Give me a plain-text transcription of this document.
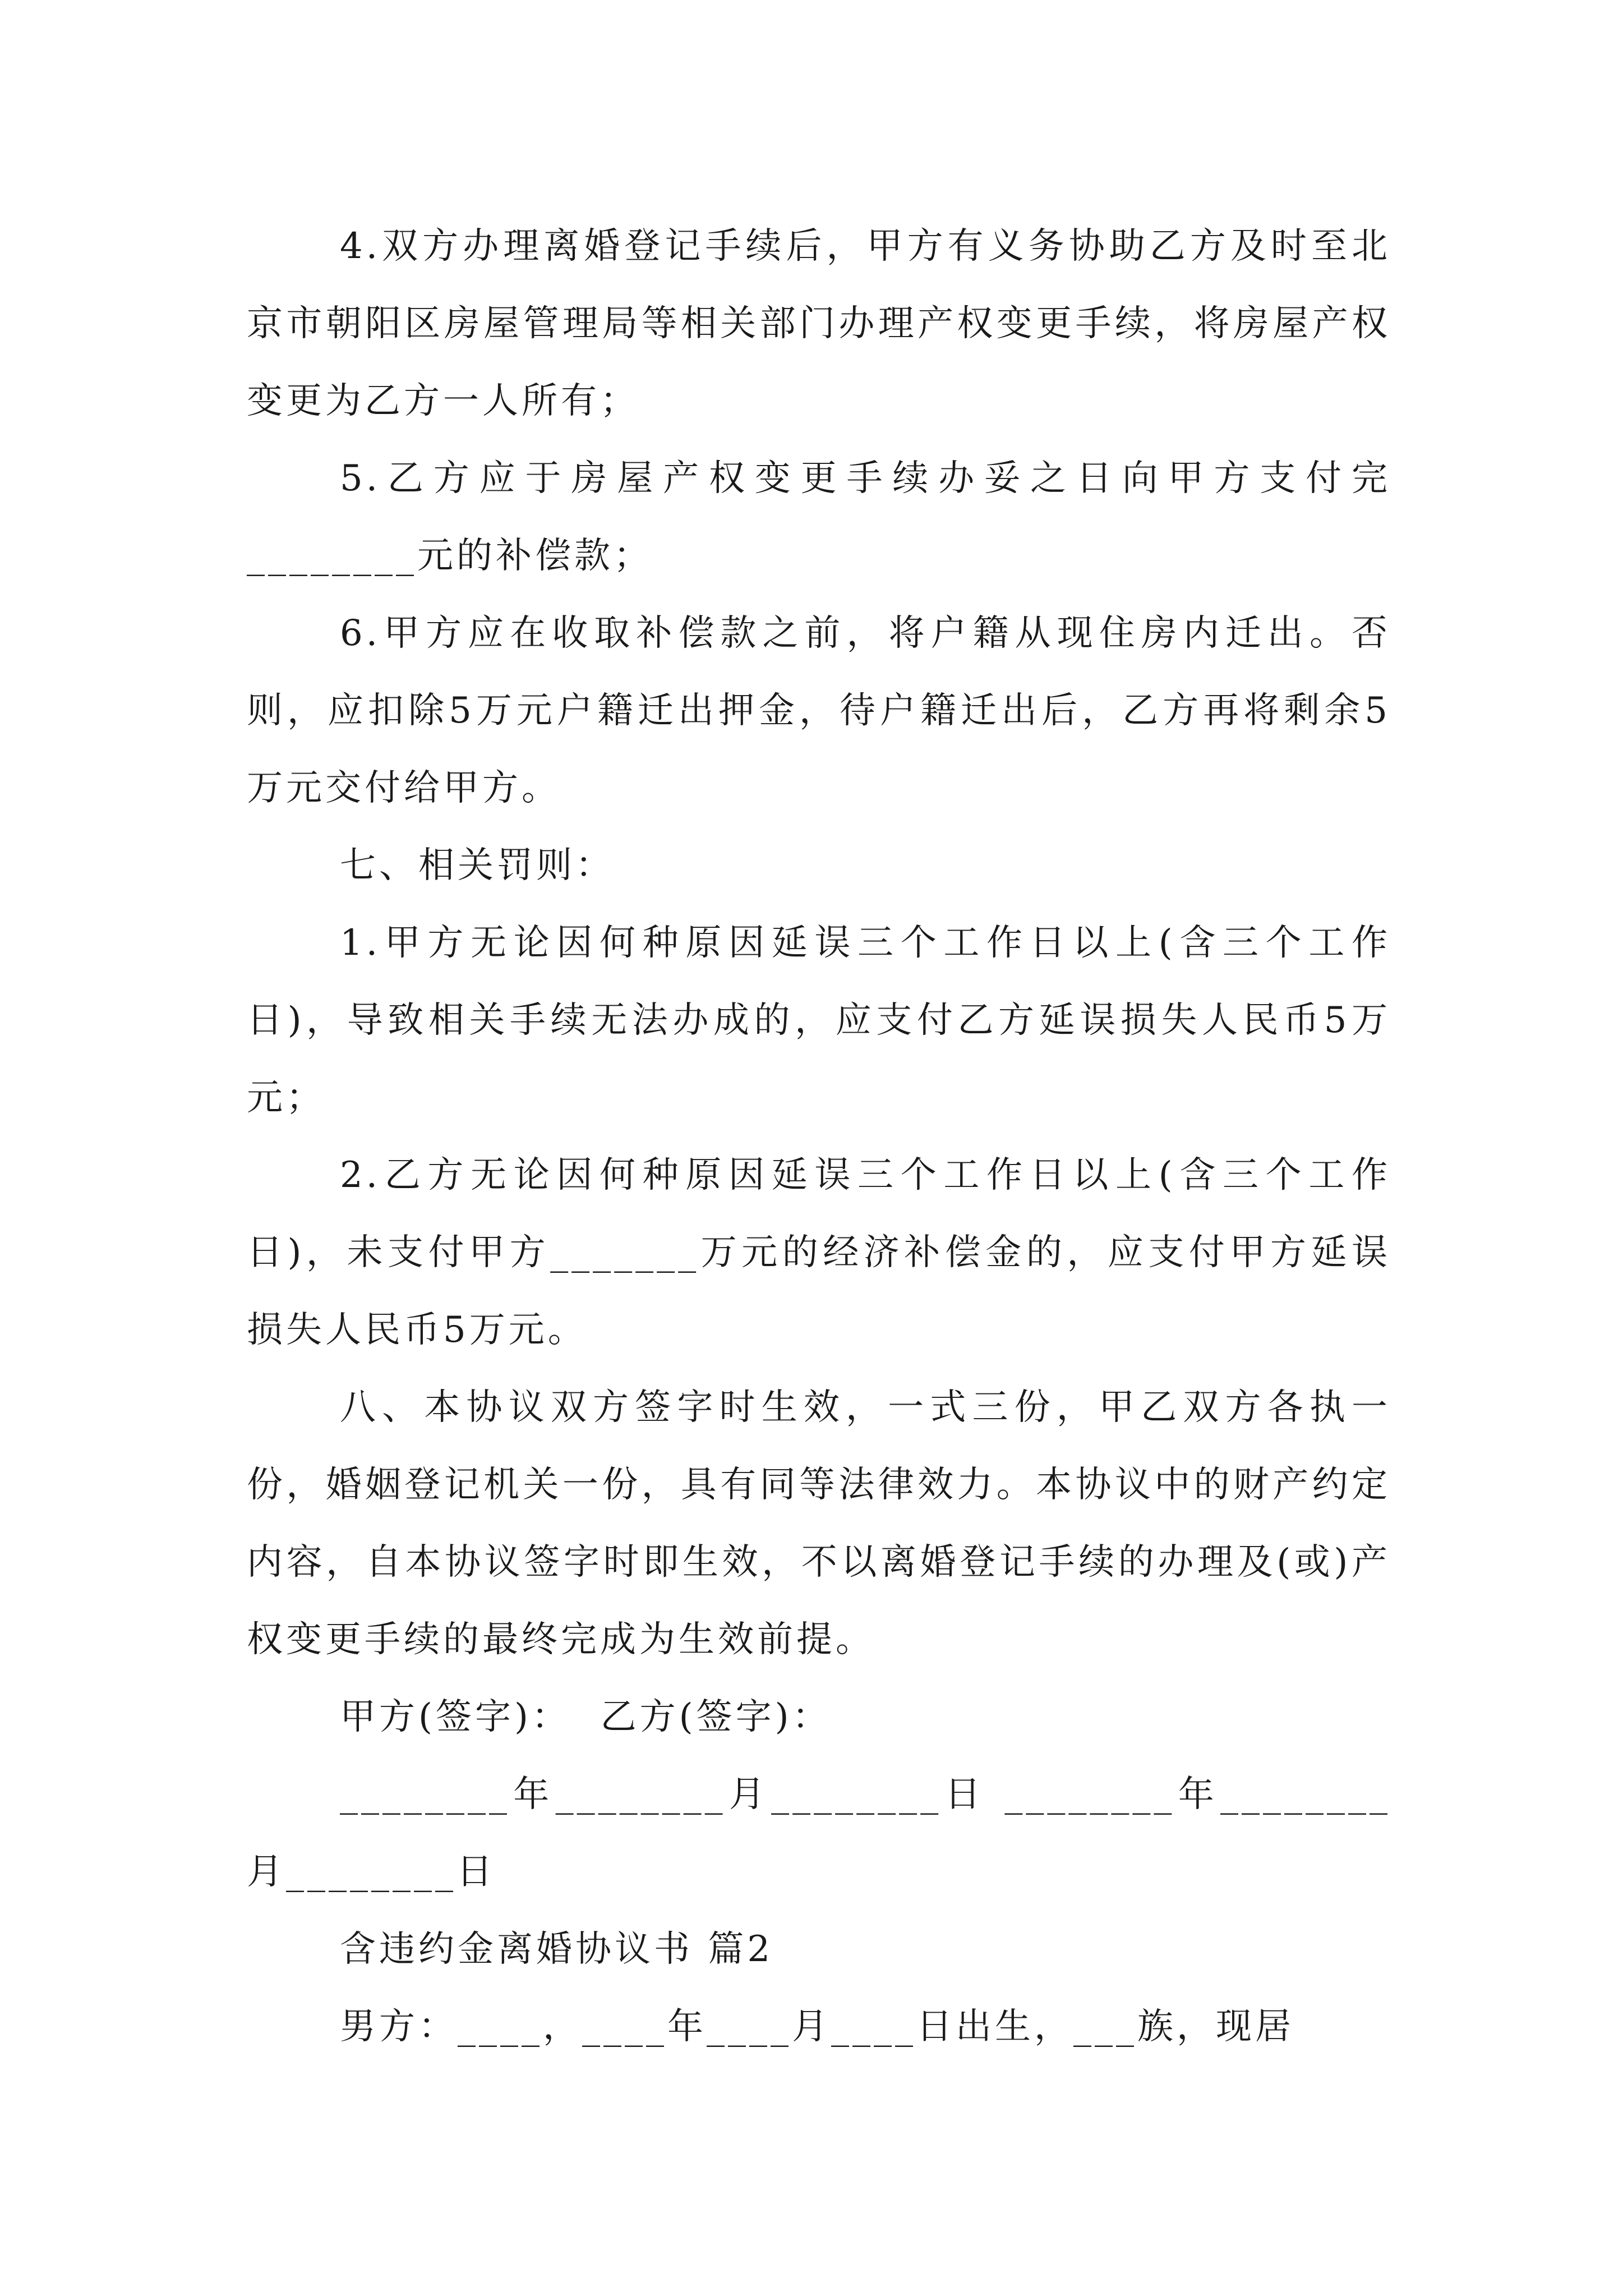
4.双方办理离婚登记手续后，甲方有义务协助乙方及时至北京市朝阳区房屋管理局等相关部门办理产权变更手续，将房屋产权变更为乙方一人所有；

5.乙方应于房屋产权变更手续办妥之日向甲方支付完________元的补偿款；

6.甲方应在收取补偿款之前，将户籍从现住房内迁出。否则，应扣除5万元户籍迁出押金，待户籍迁出后，乙方再将剩余5万元交付给甲方。

七、相关罚则：

1.甲方无论因何种原因延误三个工作日以上(含三个工作日)，导致相关手续无法办成的，应支付乙方延误损失人民币5万元；

2.乙方无论因何种原因延误三个工作日以上(含三个工作日)，未支付甲方_______万元的经济补偿金的，应支付甲方延误损失人民币5万元。

八、本协议双方签字时生效，一式三份，甲乙双方各执一份，婚姻登记机关一份，具有同等法律效力。本协议中的财产约定内容，自本协议签字时即生效，不以离婚登记手续的办理及(或)产权变更手续的最终完成为生效前提。

甲方(签字)：  乙方(签字)：

________年________月________日 ________年________月________日

含违约金离婚协议书 篇2

男方：____，____年____月____日出生，___族，现居
